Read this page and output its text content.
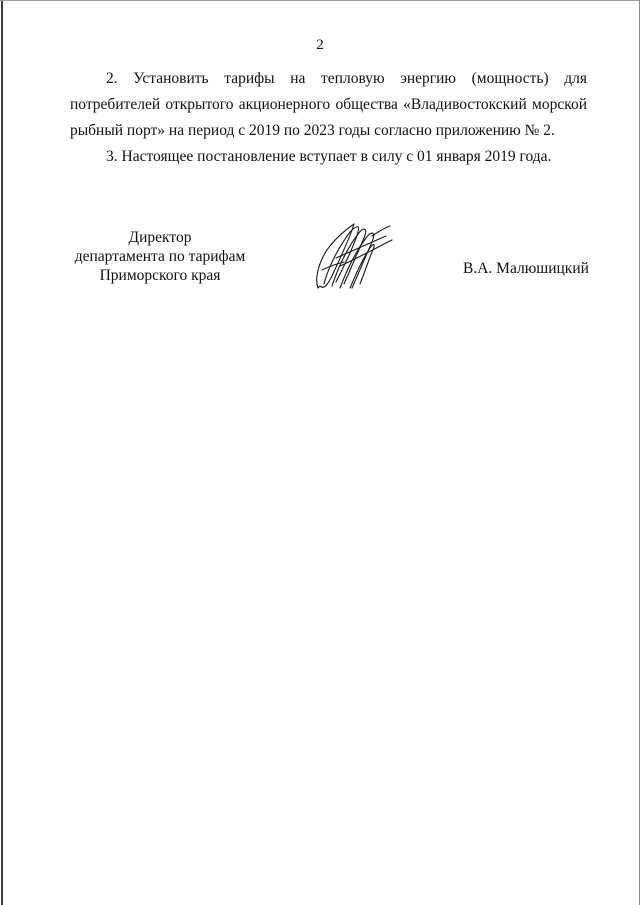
2

2. Установить тарифы на тепловую энергию (мощность) для
потребителей открытого акционерного общества «Владивостокский морской
рыбный порт» на период с 2019 по 2023 годы согласно приложению № 2.

3. Настоящее постановление вступает в силу с 01 января 2019 года.

Директор
департамента по тарифам
Приморского края	В.А. Малюшицкий
